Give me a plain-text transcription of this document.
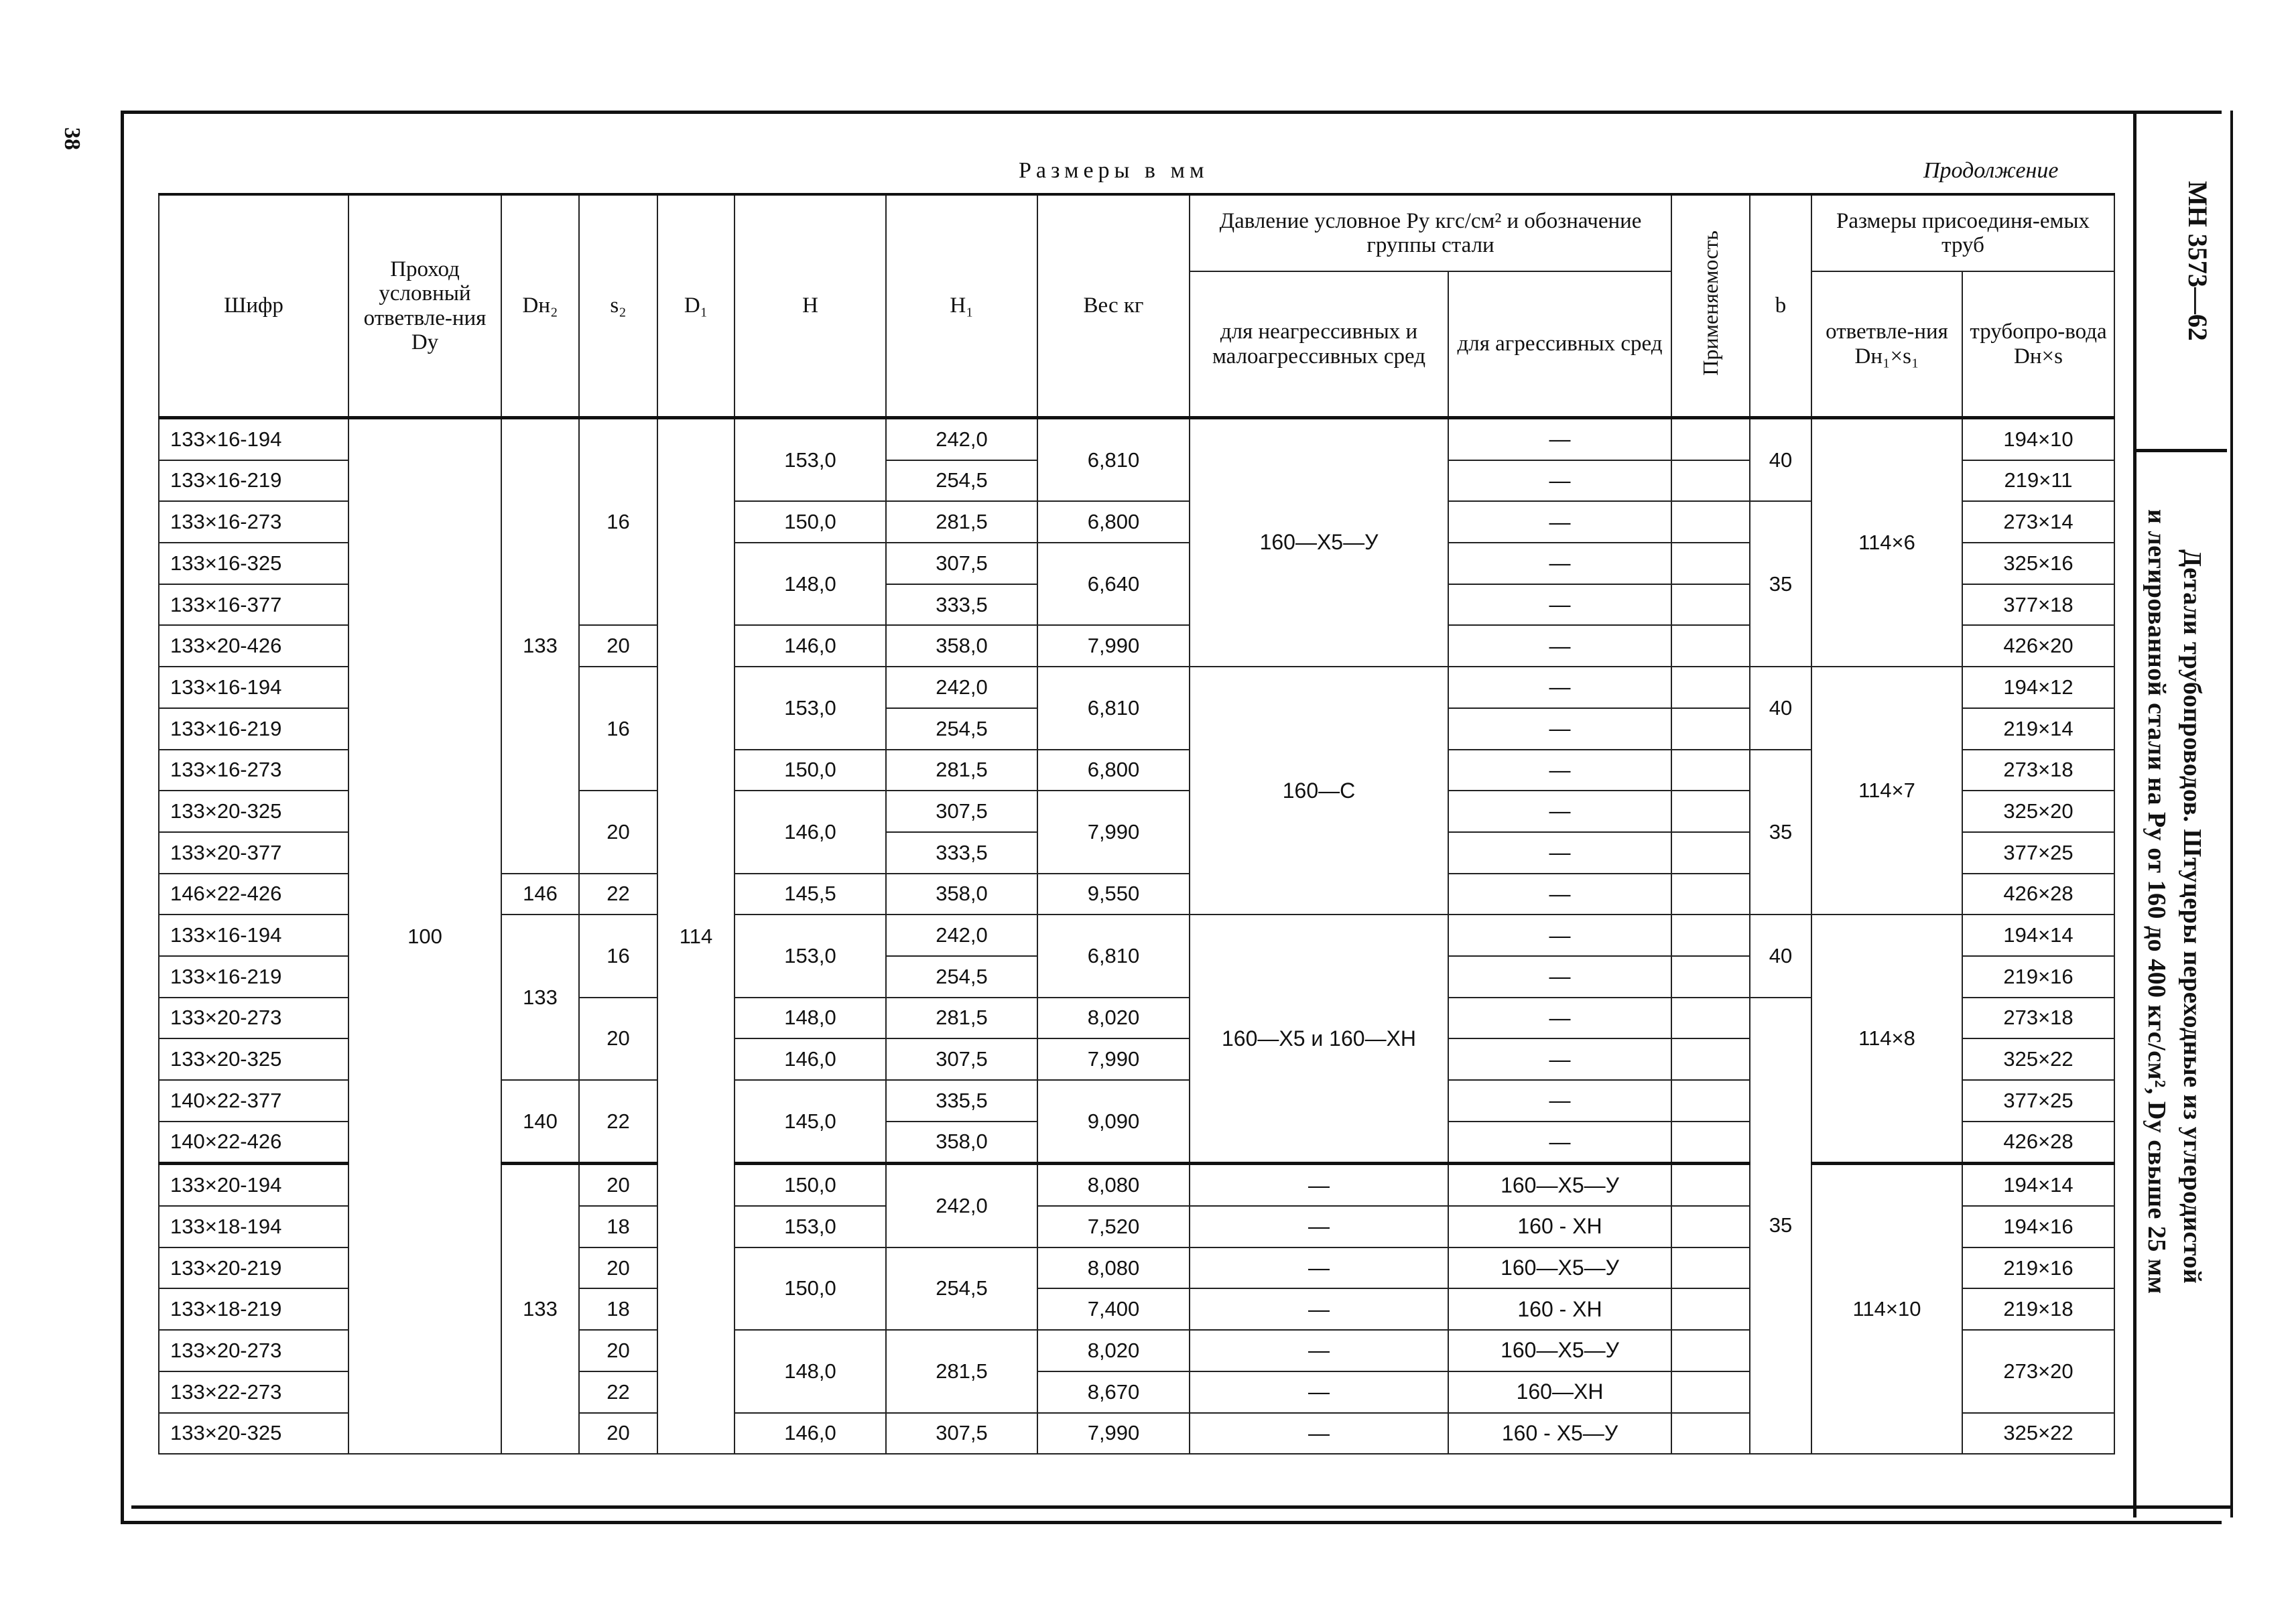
38
МН 3573—62
Детали трубопроводов. Штуцеры переходные из углеродистой
и легированной стали на Pу от 160 до 400 кгс/см², Dу свыше 25 мм
Размеры в мм	Продолжение
Шифр	Проход условный ответвле-ния Dу	Dн₂	s₂	D₁	H	H₁	Вес кг	Давление условное Pу кгс/см² и обозначение группы стали		Применяемость	b	Размеры присоединя-емых труб	
								для неагрессивных и малоагрессивных сред	для агрессивных сред			ответвле-ния Dн₁×s₁	трубопро-вода Dн×s
133×16-194	100	133	16	114	153,0	242,0	6,810	160—Х5—У	—		40	114×6	194×10
133×16-219						254,5			—				219×11
133×16-273					150,0	281,5	6,800		—		35		273×14
133×16-325					148,0	307,5	6,640		—				325×16
133×16-377						333,5			—				377×18
133×20-426			20		146,0	358,0	7,990		—				426×20
133×16-194			16		153,0	242,0	6,810	160—С	—		40	114×7	194×12
133×16-219						254,5			—				219×14
133×16-273					150,0	281,5	6,800		—		35		273×18
133×20-325			20		146,0	307,5	7,990		—				325×20
133×20-377						333,5			—				377×25
146×22-426		146	22		145,5	358,0	9,550		—				426×28
133×16-194		133	16		153,0	242,0	6,810	160—Х5 и 160—ХН	—		40	114×8	194×14
133×16-219						254,5			—				219×16
133×20-273			20		148,0	281,5	8,020		—		35		273×18
133×20-325					146,0	307,5	7,990		—				325×22
140×22-377		140	22		145,0	335,5	9,090		—				377×25
140×22-426						358,0			—				426×28
133×20-194		133	20		150,0	242,0	8,080	—	160—Х5—У			114×10	194×14
133×18-194			18		153,0		7,520	—	160 - ХН				194×16
133×20-219			20		150,0	254,5	8,080	—	160—Х5—У				219×16
133×18-219			18				7,400	—	160 - ХН				219×18
133×20-273			20		148,0	281,5	8,020	—	160—Х5—У				273×20
133×22-273			22				8,670	—	160—ХН				
133×20-325			20		146,0	307,5	7,990	—	160 - Х5—У				325×22
